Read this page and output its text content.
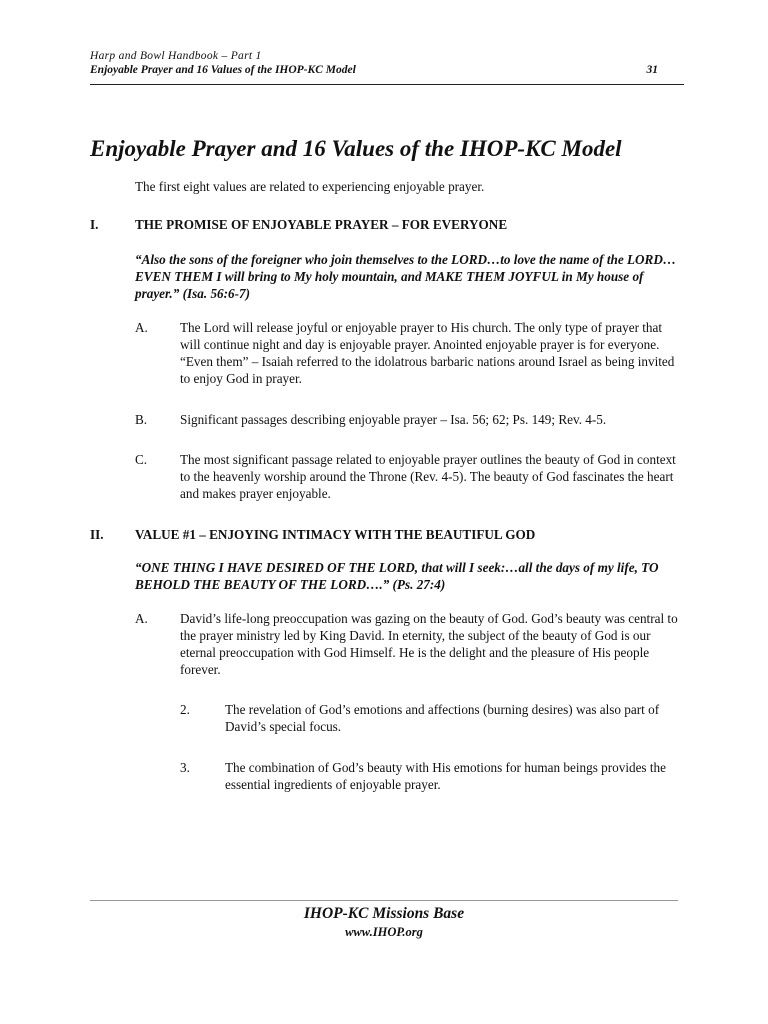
Harp and Bowl Handbook – Part 1
Enjoyable Prayer and 16 Values of the IHOP-KC Model	31
Enjoyable Prayer and 16 Values of the IHOP-KC Model
The first eight values are related to experiencing enjoyable prayer.
I.	THE PROMISE OF ENJOYABLE PRAYER – FOR EVERYONE
“Also the sons of the foreigner who join themselves to the LORD…to love the name of the LORD…EVEN THEM I will bring to My holy mountain, and MAKE THEM JOYFUL in My house of prayer.” (Isa. 56:6-7)
A. The Lord will release joyful or enjoyable prayer to His church. The only type of prayer that will continue night and day is enjoyable prayer. Anointed enjoyable prayer is for everyone. “Even them” – Isaiah referred to the idolatrous barbaric nations around Israel as being invited to enjoy God in prayer.
B. Significant passages describing enjoyable prayer – Isa. 56; 62; Ps. 149; Rev. 4-5.
C. The most significant passage related to enjoyable prayer outlines the beauty of God in context to the heavenly worship around the Throne (Rev. 4-5). The beauty of God fascinates the heart and makes prayer enjoyable.
II. VALUE #1 – ENJOYING INTIMACY WITH THE BEAUTIFUL GOD
“ONE THING I HAVE DESIRED OF THE LORD, that will I seek:…all the days of my life, TO BEHOLD THE BEAUTY OF THE LORD….” (Ps. 27:4)
A. David’s life-long preoccupation was gazing on the beauty of God. God’s beauty was central to the prayer ministry led by King David. In eternity, the subject of the beauty of God is our eternal preoccupation with God Himself. He is the delight and the pleasure of His people forever.
2.	The revelation of God’s emotions and affections (burning desires) was also part of David’s special focus.
3.	The combination of God’s beauty with His emotions for human beings provides the essential ingredients of enjoyable prayer.
IHOP-KC Missions Base
www.IHOP.org
